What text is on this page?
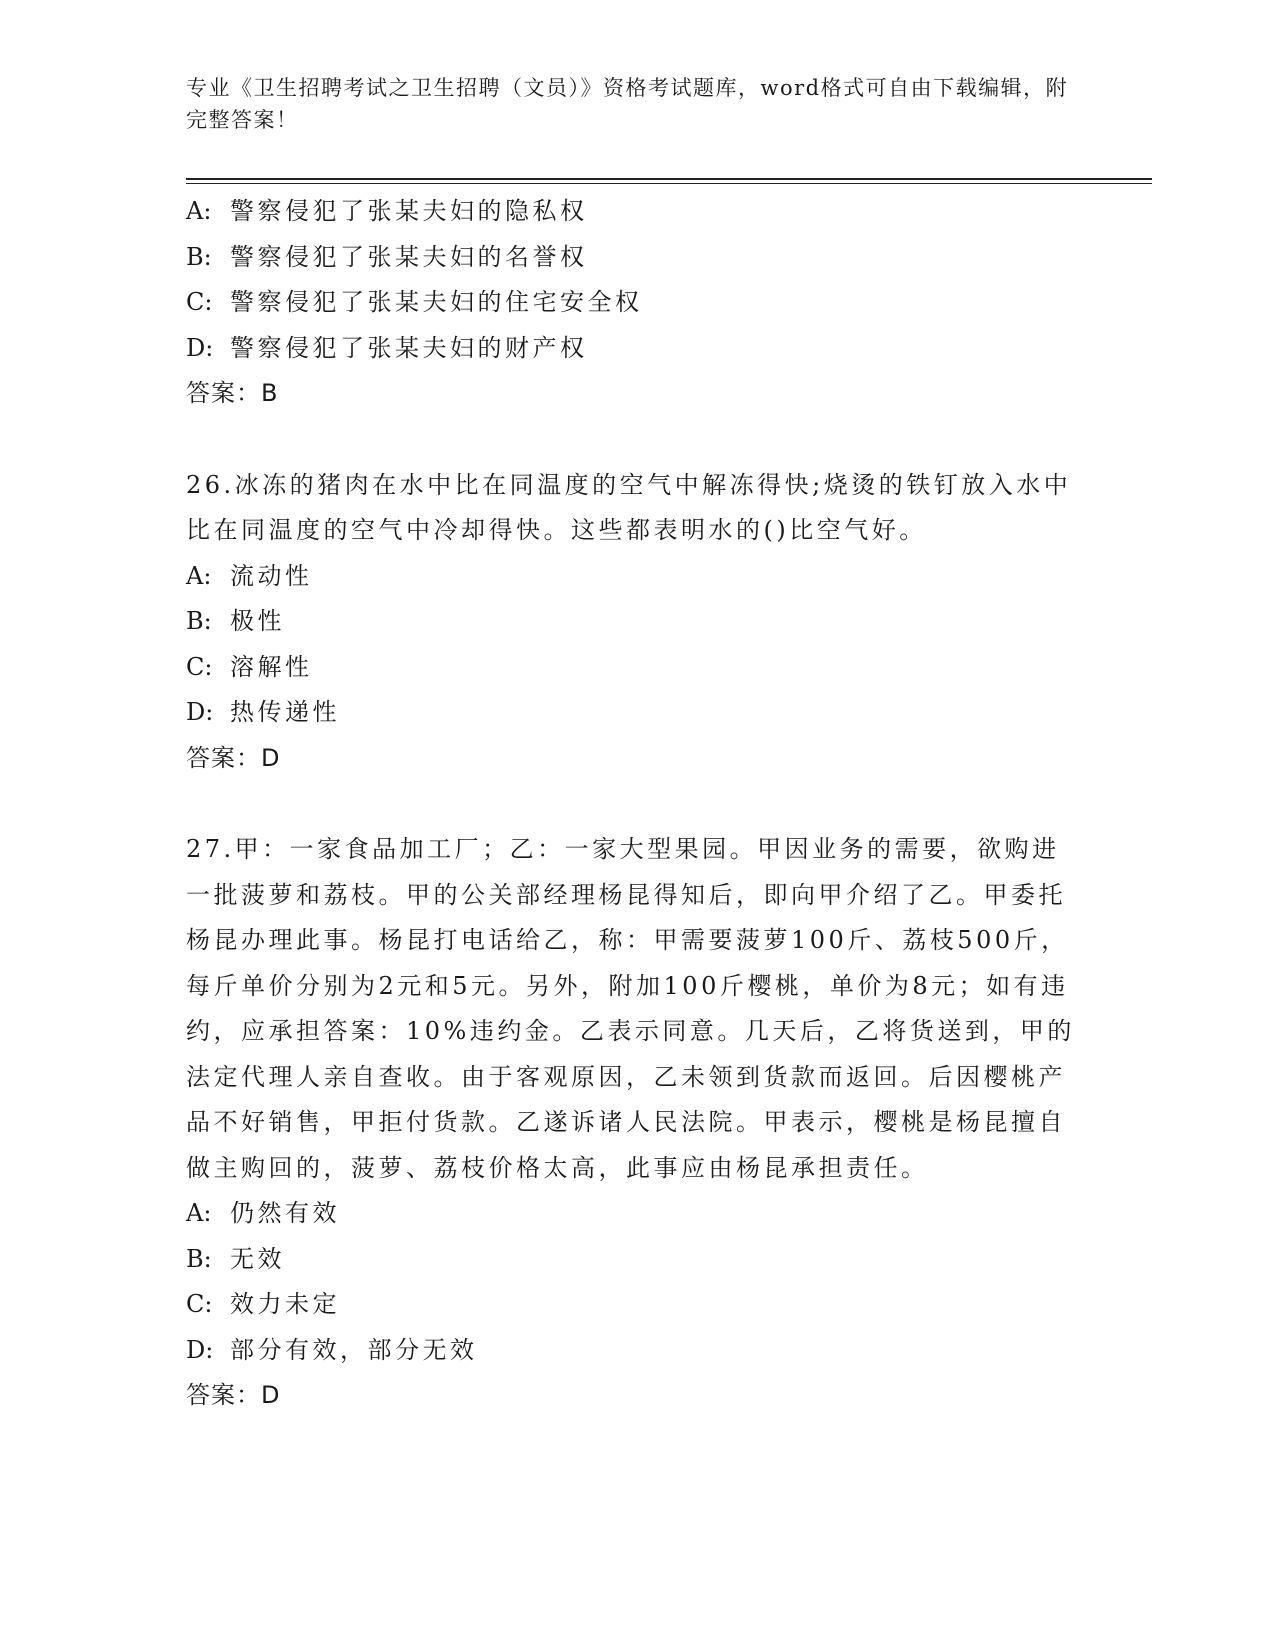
专业《卫生招聘考试之卫生招聘（文员）》资格考试题库，word格式可自由下载编辑，附完整答案！

A: 警察侵犯了张某夫妇的隐私权

B: 警察侵犯了张某夫妇的名誉权

C: 警察侵犯了张某夫妇的住宅安全权

D: 警察侵犯了张某夫妇的财产权

答案：B

26.冰冻的猪肉在水中比在同温度的空气中解冻得快;烧烫的铁钉放入水中比在同温度的空气中冷却得快。这些都表明水的()比空气好。

A: 流动性

B: 极性

C: 溶解性

D: 热传递性

答案：D

27.甲：一家食品加工厂；乙：一家大型果园。甲因业务的需要，欲购进一批菠萝和荔枝。甲的公关部经理杨昆得知后，即向甲介绍了乙。甲委托杨昆办理此事。杨昆打电话给乙，称：甲需要菠萝100斤、荔枝500斤，每斤单价分别为2元和5元。另外，附加100斤樱桃，单价为8元；如有违约，应承担答案：10%违约金。乙表示同意。几天后，乙将货送到，甲的法定代理人亲自查收。由于客观原因，乙未领到货款而返回。后因樱桃产品不好销售，甲拒付货款。乙遂诉诸人民法院。甲表示，樱桃是杨昆擅自做主购回的，菠萝、荔枝价格太高，此事应由杨昆承担责任。

A: 仍然有效

B: 无效

C: 效力未定

D: 部分有效，部分无效

答案：D
